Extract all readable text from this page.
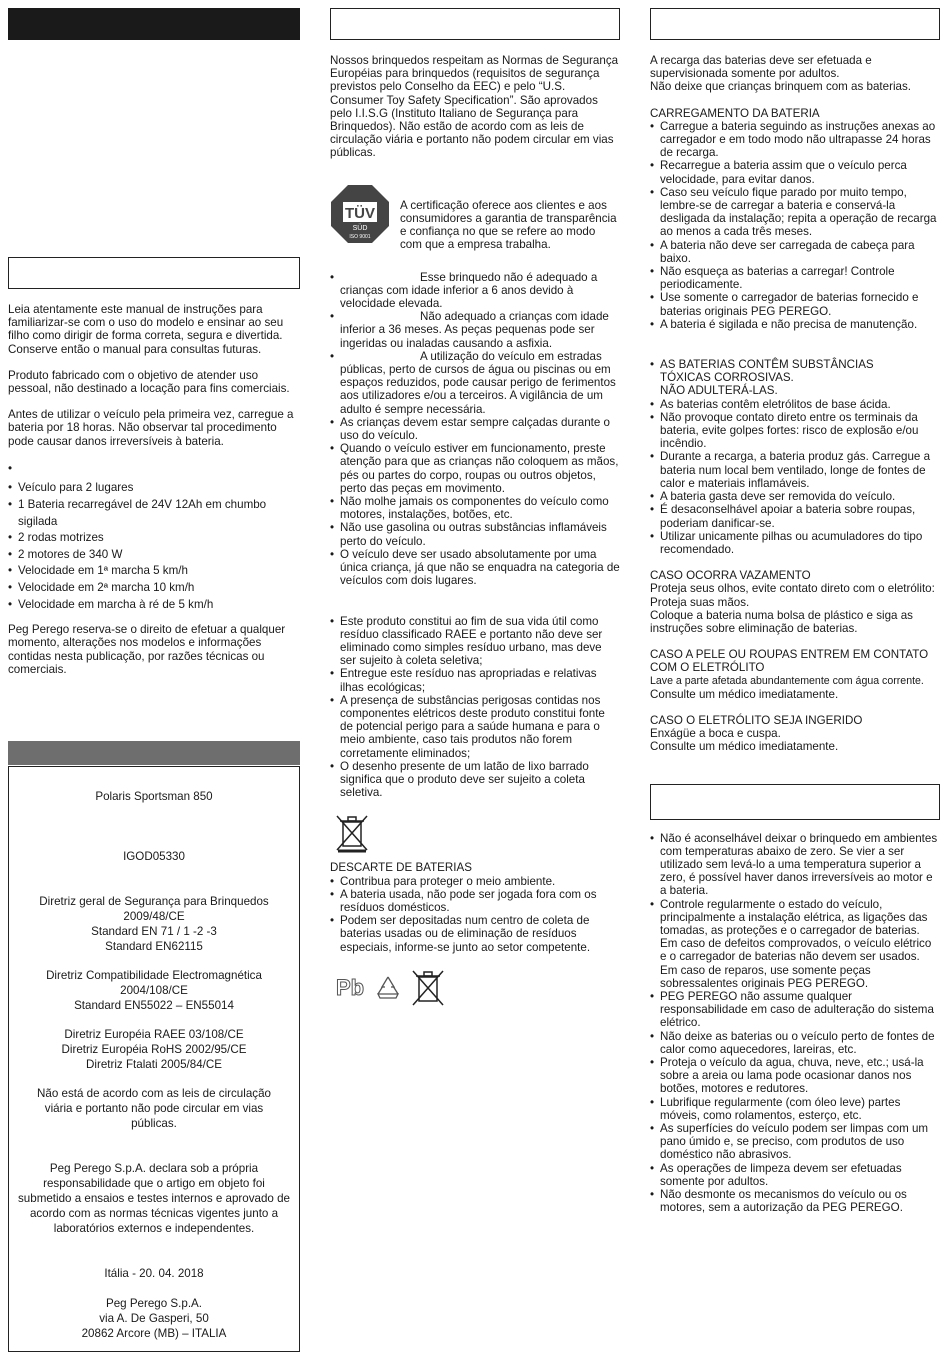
Leia atentamente este manual de instruções para familiarizar-se com o uso do modelo e ensinar ao seu filho como dirigir de forma correta, segura e divertida. Conserve então o manual para consultas futuras.

Produto fabricado com o objetivo de atender uso pessoal, não destinado a locação para fins comerciais.

Antes de utilizar o veículo pela primeira vez, carregue a bateria por 18 horas. Não observar tal procedimento pode causar danos irreversíveis à bateria.

•
• Veículo para 2 lugares
• 1 Bateria recarregável de 24V 12Ah em chumbo sigilada
• 2 rodas motrizes
• 2 motores de 340 W
• Velocidade em 1ª marcha 5 km/h
• Velocidade em 2ª marcha 10 km/h
• Velocidade em marcha à ré de 5 km/h

Peg Perego reserva-se o direito de efetuar a qualquer momento, alterações nos modelos e informações contidas nesta publicação, por razões técnicas ou comerciais.

Polaris Sportsman 850

IGOD05330

Diretriz geral de Segurança para Brinquedos

2009/48/CE

Standard EN 71 / 1 -2 -3

Standard EN62115

Diretriz Compatibilidade Electromagnética

2004/108/CE

Standard EN55022 – EN55014

Diretriz Européia RAEE 03/108/CE

Diretriz Européia RoHS 2002/95/CE

Diretriz Ftalati 2005/84/CE

Não está de acordo com as leis de circulação viária e portanto não pode circular em vias públicas.

Peg Perego S.p.A. declara sob a própria responsabilidade que o artigo em objeto foi submetido a ensaios e testes internos e aprovado de acordo com as normas técnicas vigentes junto a laboratórios externos e independentes.

Itália - 20. 04. 2018

Peg Perego S.p.A.

via A. De Gasperi, 50

20862 Arcore (MB) – ITALIA

Nossos brinquedos respeitam as Normas de Segurança Européias para brinquedos (requisitos de segurança previstos pelo Conselho da EEC) e pelo “U.S. Consumer Toy Safety Specification”. São aprovados pelo I.I.S.G (Instituto Italiano de Segurança para Brinquedos). Não estão de acordo com as leis de circulação viária e portanto não podem circular em vias públicas.

TÜV
SÜD
ISO 9001

A certificação oferece aos clientes e aos consumidores a garantia de transparência e confiança no que se refere ao modo com que a empresa trabalha.

• Esse brinquedo não é adequado a crianças com idade inferior a 6 anos devido à velocidade elevada.
• Não adequado a crianças com idade inferior a 36 meses. As peças pequenas pode ser ingeridas ou inaladas causando a asfixia.
• A utilização do veículo em estradas públicas, perto de cursos de água ou piscinas ou em espaços reduzidos, pode causar perigo de ferimentos aos utilizadores e/ou a terceiros. A vigilância de um adulto é sempre necessária.
• As crianças devem estar sempre calçadas durante o uso do veículo.
• Quando o veículo estiver em funcionamento, preste atenção para que as crianças não coloquem as mãos, pés ou partes do corpo, roupas ou outros objetos, perto das peças em movimento.
• Não molhe jamais os componentes do veículo como motores, instalações, botões, etc.
• Não use gasolina ou outras substâncias inflamáveis perto do veículo.
• O veículo deve ser usado absolutamente por uma única criança, já que não se enquadra na categoria de veículos com dois lugares.
• Este produto constitui ao fim de sua vida útil como resíduo classificado RAEE e portanto não deve ser eliminado como simples resíduo urbano, mas deve ser sujeito à coleta seletiva;
• Entregue este resíduo nas apropriadas e relativas ilhas ecológicas;
• A presença de substâncias perigosas contidas nos componentes elétricos deste produto constitui fonte de potencial perigo para a saúde humana e para o meio ambiente, caso tais produtos não forem corretamente eliminados;
• O desenho presente de um latão de lixo barrado significa que o produto deve ser sujeito a coleta seletiva.

DESCARTE DE BATERIAS

• Contribua para proteger o meio ambiente.
• A bateria usada, não pode ser jogada fora com os resíduos domésticos.
• Podem ser depositadas num centro de coleta de baterias usadas ou de eliminação de resíduos especiais, informe-se junto ao setor competente.
Pb

A recarga das baterias deve ser efetuada e supervisionada somente por adultos.

Não deixe que crianças brinquem com as baterias.

CARREGAMENTO DA BATERIA

• Carregue a bateria seguindo as instruções anexas ao carregador e em todo modo não ultrapasse 24 horas de recarga.
• Recarregue a bateria assim que o veículo perca velocidade, para evitar danos.
• Caso seu veículo fique parado por muito tempo, lembre-se de carregar a bateria e conservá-la desligada da instalação; repita a operação de recarga ao menos a cada três meses.
• A bateria não deve ser carregada de cabeça para baixo.
• Não esqueça as baterias a carregar! Controle periodicamente.
• Use somente o carregador de baterias fornecido e baterias originais PEG PEREGO.
• A bateria é sigilada e não precisa de manutenção.
• AS BATERIAS CONTÊM SUBSTÂNCIAS
TÓXICAS CORROSIVAS.
NÃO ADULTERÁ-LAS.
• As baterias contêm eletrólitos de base ácida.
• Não provoque contato direto entre os terminais da bateria, evite golpes fortes: risco de explosão e/ou incêndio.
• Durante a recarga, a bateria produz gás. Carregue a bateria num local bem ventilado, longe de fontes de calor e materiais inflamáveis.
• A bateria gasta deve ser removida do veículo.
• É desaconselhável apoiar a bateria sobre roupas, poderiam danificar-se.
• Utilizar unicamente pilhas ou acumuladores do tipo recomendado.

CASO OCORRA VAZAMENTO

Proteja seus olhos, evite contato direto com o eletrólito: Proteja suas mãos.

Coloque a bateria numa bolsa de plástico e siga as instruções sobre eliminação de baterias.

CASO A PELE OU ROUPAS ENTREM EM CONTATO COM O ELETRÓLITO

Lave a parte afetada abundantemente com água corrente.

Consulte um médico imediatamente.

CASO O ELETRÓLITO SEJA INGERIDO

Enxágüe a boca e cuspa.

Consulte um médico imediatamente.

• Não é aconselhável deixar o brinquedo em ambientes com temperaturas abaixo de zero. Se vier a ser utilizado sem levá-lo a uma temperatura superior a zero, é possível haver danos irreversíveis ao motor e a bateria.
• Controle regularmente o estado do veículo, principalmente a instalação elétrica, as ligações das tomadas, as proteções e o carregador de baterias. Em caso de defeitos comprovados, o veículo elétrico e o carregador de baterias não devem ser usados. Em caso de reparos, use somente peças sobressalentes originais PEG PEREGO.
• PEG PEREGO não assume qualquer responsabilidade em caso de adulteração do sistema elétrico.
• Não deixe as baterias ou o veículo perto de fontes de calor como aquecedores, lareiras, etc.
• Proteja o veículo da agua, chuva, neve, etc.; usá-la sobre a areia ou lama pode ocasionar danos nos botões, motores e redutores.
• Lubrifique regularmente (com óleo leve) partes móveis, como rolamentos, esterço, etc.
• As superfícies do veículo podem ser limpas com um pano úmido e, se preciso, com produtos de uso doméstico não abrasivos.
• As operações de limpeza devem ser efetuadas somente por adultos.
• Não desmonte os mecanismos do veículo ou os motores, sem a autorização da PEG PEREGO.
